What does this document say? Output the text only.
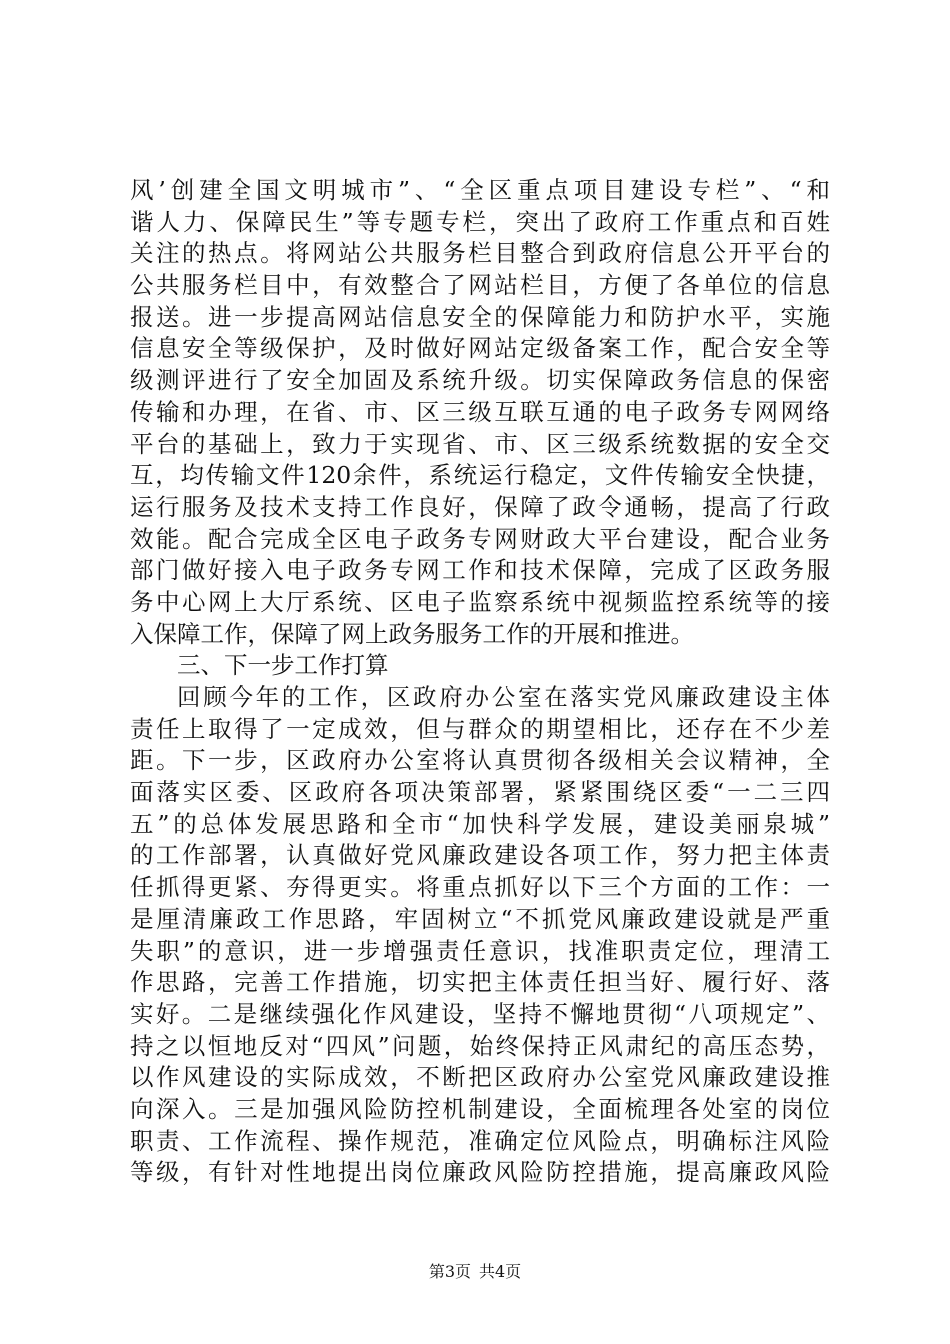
风’创建全国文明城市”、“全区重点项目建设专栏”、“和
谐人力、保障民生”等专题专栏，突出了政府工作重点和百姓
关注的热点。将网站公共服务栏目整合到政府信息公开平台的
公共服务栏目中，有效整合了网站栏目，方便了各单位的信息
报送。进一步提高网站信息安全的保障能力和防护水平，实施
信息安全等级保护，及时做好网站定级备案工作，配合安全等
级测评进行了安全加固及系统升级。切实保障政务信息的保密
传输和办理，在省、市、区三级互联互通的电子政务专网网络
平台的基础上，致力于实现省、市、区三级系统数据的安全交
互，均传输文件120余件，系统运行稳定，文件传输安全快捷，
运行服务及技术支持工作良好，保障了政令通畅，提高了行政
效能。配合完成全区电子政务专网财政大平台建设，配合业务
部门做好接入电子政务专网工作和技术保障，完成了区政务服
务中心网上大厅系统、区电子监察系统中视频监控系统等的接
入保障工作，保障了网上政务服务工作的开展和推进。
三、下一步工作打算
回顾今年的工作，区政府办公室在落实党风廉政建设主体
责任上取得了一定成效，但与群众的期望相比，还存在不少差
距。下一步，区政府办公室将认真贯彻各级相关会议精神，全
面落实区委、区政府各项决策部署，紧紧围绕区委“一二三四
五”的总体发展思路和全市“加快科学发展，建设美丽泉城”
的工作部署，认真做好党风廉政建设各项工作，努力把主体责
任抓得更紧、夯得更实。将重点抓好以下三个方面的工作：一
是厘清廉政工作思路，牢固树立“不抓党风廉政建设就是严重
失职”的意识，进一步增强责任意识，找准职责定位，理清工
作思路，完善工作措施，切实把主体责任担当好、履行好、落
实好。二是继续强化作风建设，坚持不懈地贯彻“八项规定”、
持之以恒地反对“四风”问题，始终保持正风肃纪的高压态势，
以作风建设的实际成效，不断把区政府办公室党风廉政建设推
向深入。三是加强风险防控机制建设，全面梳理各处室的岗位
职责、工作流程、操作规范，准确定位风险点，明确标注风险
等级，有针对性地提出岗位廉政风险防控措施，提高廉政风险
第3页 共4页
